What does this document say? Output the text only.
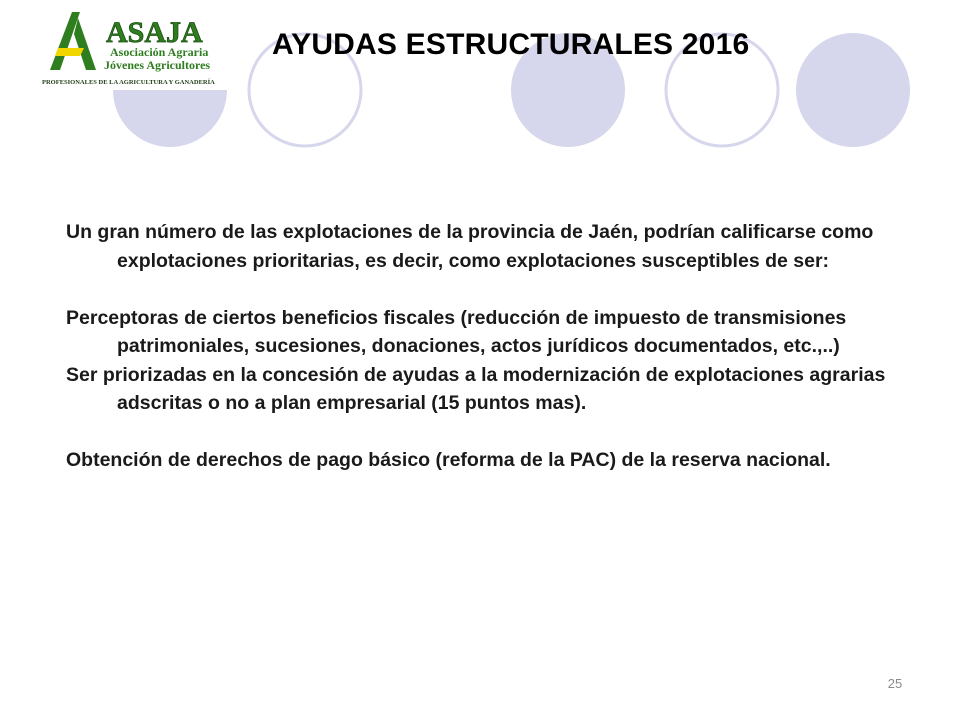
ASAJA
Asociación Agraria
Jóvenes Agricultores
PROFESIONALES DE LA AGRICULTURA Y GANADERÍA
AYUDAS ESTRUCTURALES 2016

Un gran número de las explotaciones de la provincia de Jaén, podrían calificarse como explotaciones prioritarias, es decir, como explotaciones susceptibles de ser:

Perceptoras de ciertos beneficios fiscales (reducción de impuesto de transmisiones patrimoniales, sucesiones, donaciones, actos jurídicos documentados, etc.,..)

Ser priorizadas en la concesión de ayudas a la modernización de explotaciones agrarias adscritas o no a plan empresarial (15 puntos mas).

Obtención de derechos de pago básico (reforma de la PAC) de la reserva nacional.

25
